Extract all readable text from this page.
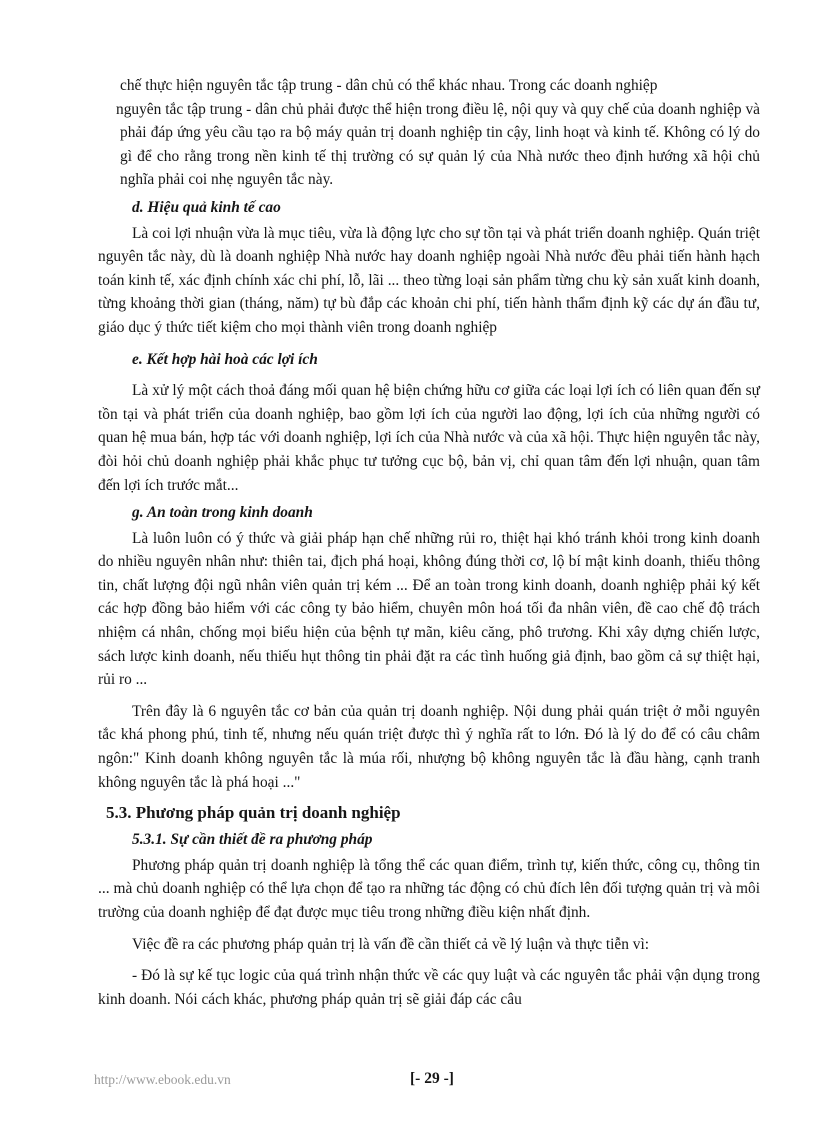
chế thực hiện nguyên tắc tập trung - dân chủ có thể khác nhau. Trong các doanh nghiệp

nguyên tắc tập trung - dân chủ phải được thể hiện trong điều lệ, nội quy và quy chế của doanh nghiệp và phải đáp ứng yêu cầu tạo ra bộ máy quản trị doanh nghiệp tin cậy, linh hoạt và kinh tế. Không có lý do gì để cho rằng trong nền kinh tế thị trường có sự quản lý của Nhà nước theo định hướng xã hội chủ nghĩa phải coi nhẹ nguyên tắc này.

d. Hiệu quả kinh tế cao

Là coi lợi nhuận vừa là mục tiêu, vừa là động lực cho sự tồn tại và phát triển doanh nghiệp. Quán triệt nguyên tắc này, dù là doanh nghiệp Nhà nước hay doanh nghiệp ngoài Nhà nước đều phải tiến hành hạch toán kinh tế, xác định chính xác chi phí, lỗ, lãi ... theo từng loại sản phẩm từng chu kỳ sản xuất kinh doanh, từng khoảng thời gian (tháng, năm) tự bù đắp các khoản chi phí, tiến hành thẩm định kỹ các dự án đầu tư, giáo dục ý thức tiết kiệm cho mọi thành viên trong doanh nghiệp

e. Kết hợp hài hoà các lợi ích

Là xử lý một cách thoả đáng mối quan hệ biện chứng hữu cơ giữa các loại lợi ích có liên quan đến sự tồn tại và phát triển của doanh nghiệp, bao gồm lợi ích của người lao động, lợi ích của những người có quan hệ mua bán, hợp tác với doanh nghiệp, lợi ích của Nhà nước và của xã hội. Thực hiện nguyên tắc này, đòi hỏi chủ doanh nghiệp phải khắc phục tư tưởng cục bộ, bản vị, chỉ quan tâm đến lợi nhuận, quan tâm đến lợi ích trước mắt...

g. An toàn trong kinh doanh

Là luôn luôn có ý thức và giải pháp hạn chế những rủi ro, thiệt hại khó tránh khỏi trong kinh doanh do nhiều nguyên nhân như: thiên tai, địch phá hoại, không đúng thời cơ, lộ bí mật kinh doanh, thiếu thông tin, chất lượng đội ngũ nhân viên quản trị kém ... Để an toàn trong kinh doanh, doanh nghiệp phải ký kết các hợp đồng bảo hiểm với các công ty bảo hiểm, chuyên môn hoá tối đa nhân viên, đề cao chế độ trách nhiệm cá nhân, chống mọi biểu hiện của bệnh tự mãn, kiêu căng, phô trương. Khi xây dựng chiến lược, sách lược kinh doanh, nếu thiếu hụt thông tin phải đặt ra các tình huống giả định, bao gồm cả sự thiệt hại, rủi ro ...

Trên đây là 6 nguyên tắc cơ bản của quản trị doanh nghiệp. Nội dung phải quán triệt ở mỗi nguyên tắc khá phong phú, tinh tế, nhưng nếu quán triệt được thì ý nghĩa rất to lớn. Đó là lý do để có câu châm ngôn:" Kinh doanh không nguyên tắc là múa rối, nhượng bộ không nguyên tắc là đầu hàng, cạnh tranh không nguyên tắc là phá hoại ..."

5.3. Phương pháp quản trị doanh nghiệp
5.3.1. Sự cần thiết đề ra phương pháp

Phương pháp quản trị doanh nghiệp là tổng thể các quan điểm, trình tự, kiến thức, công cụ, thông tin ... mà chủ doanh nghiệp có thể lựa chọn để tạo ra những tác động có chủ đích lên đối tượng quản trị và môi trường của doanh nghiệp để đạt được mục tiêu trong những điều kiện nhất định.

Việc đề ra các phương pháp quản trị là vấn đề cần thiết cả về lý luận và thực tiễn vì:

- Đó là sự kế tục logic của quá trình nhận thức về các quy luật và các nguyên tắc phải vận dụng trong kinh doanh. Nói cách khác, phương pháp quản trị sẽ giải đáp các câu

http://www.ebook.edu.vn	[- 29 -]
